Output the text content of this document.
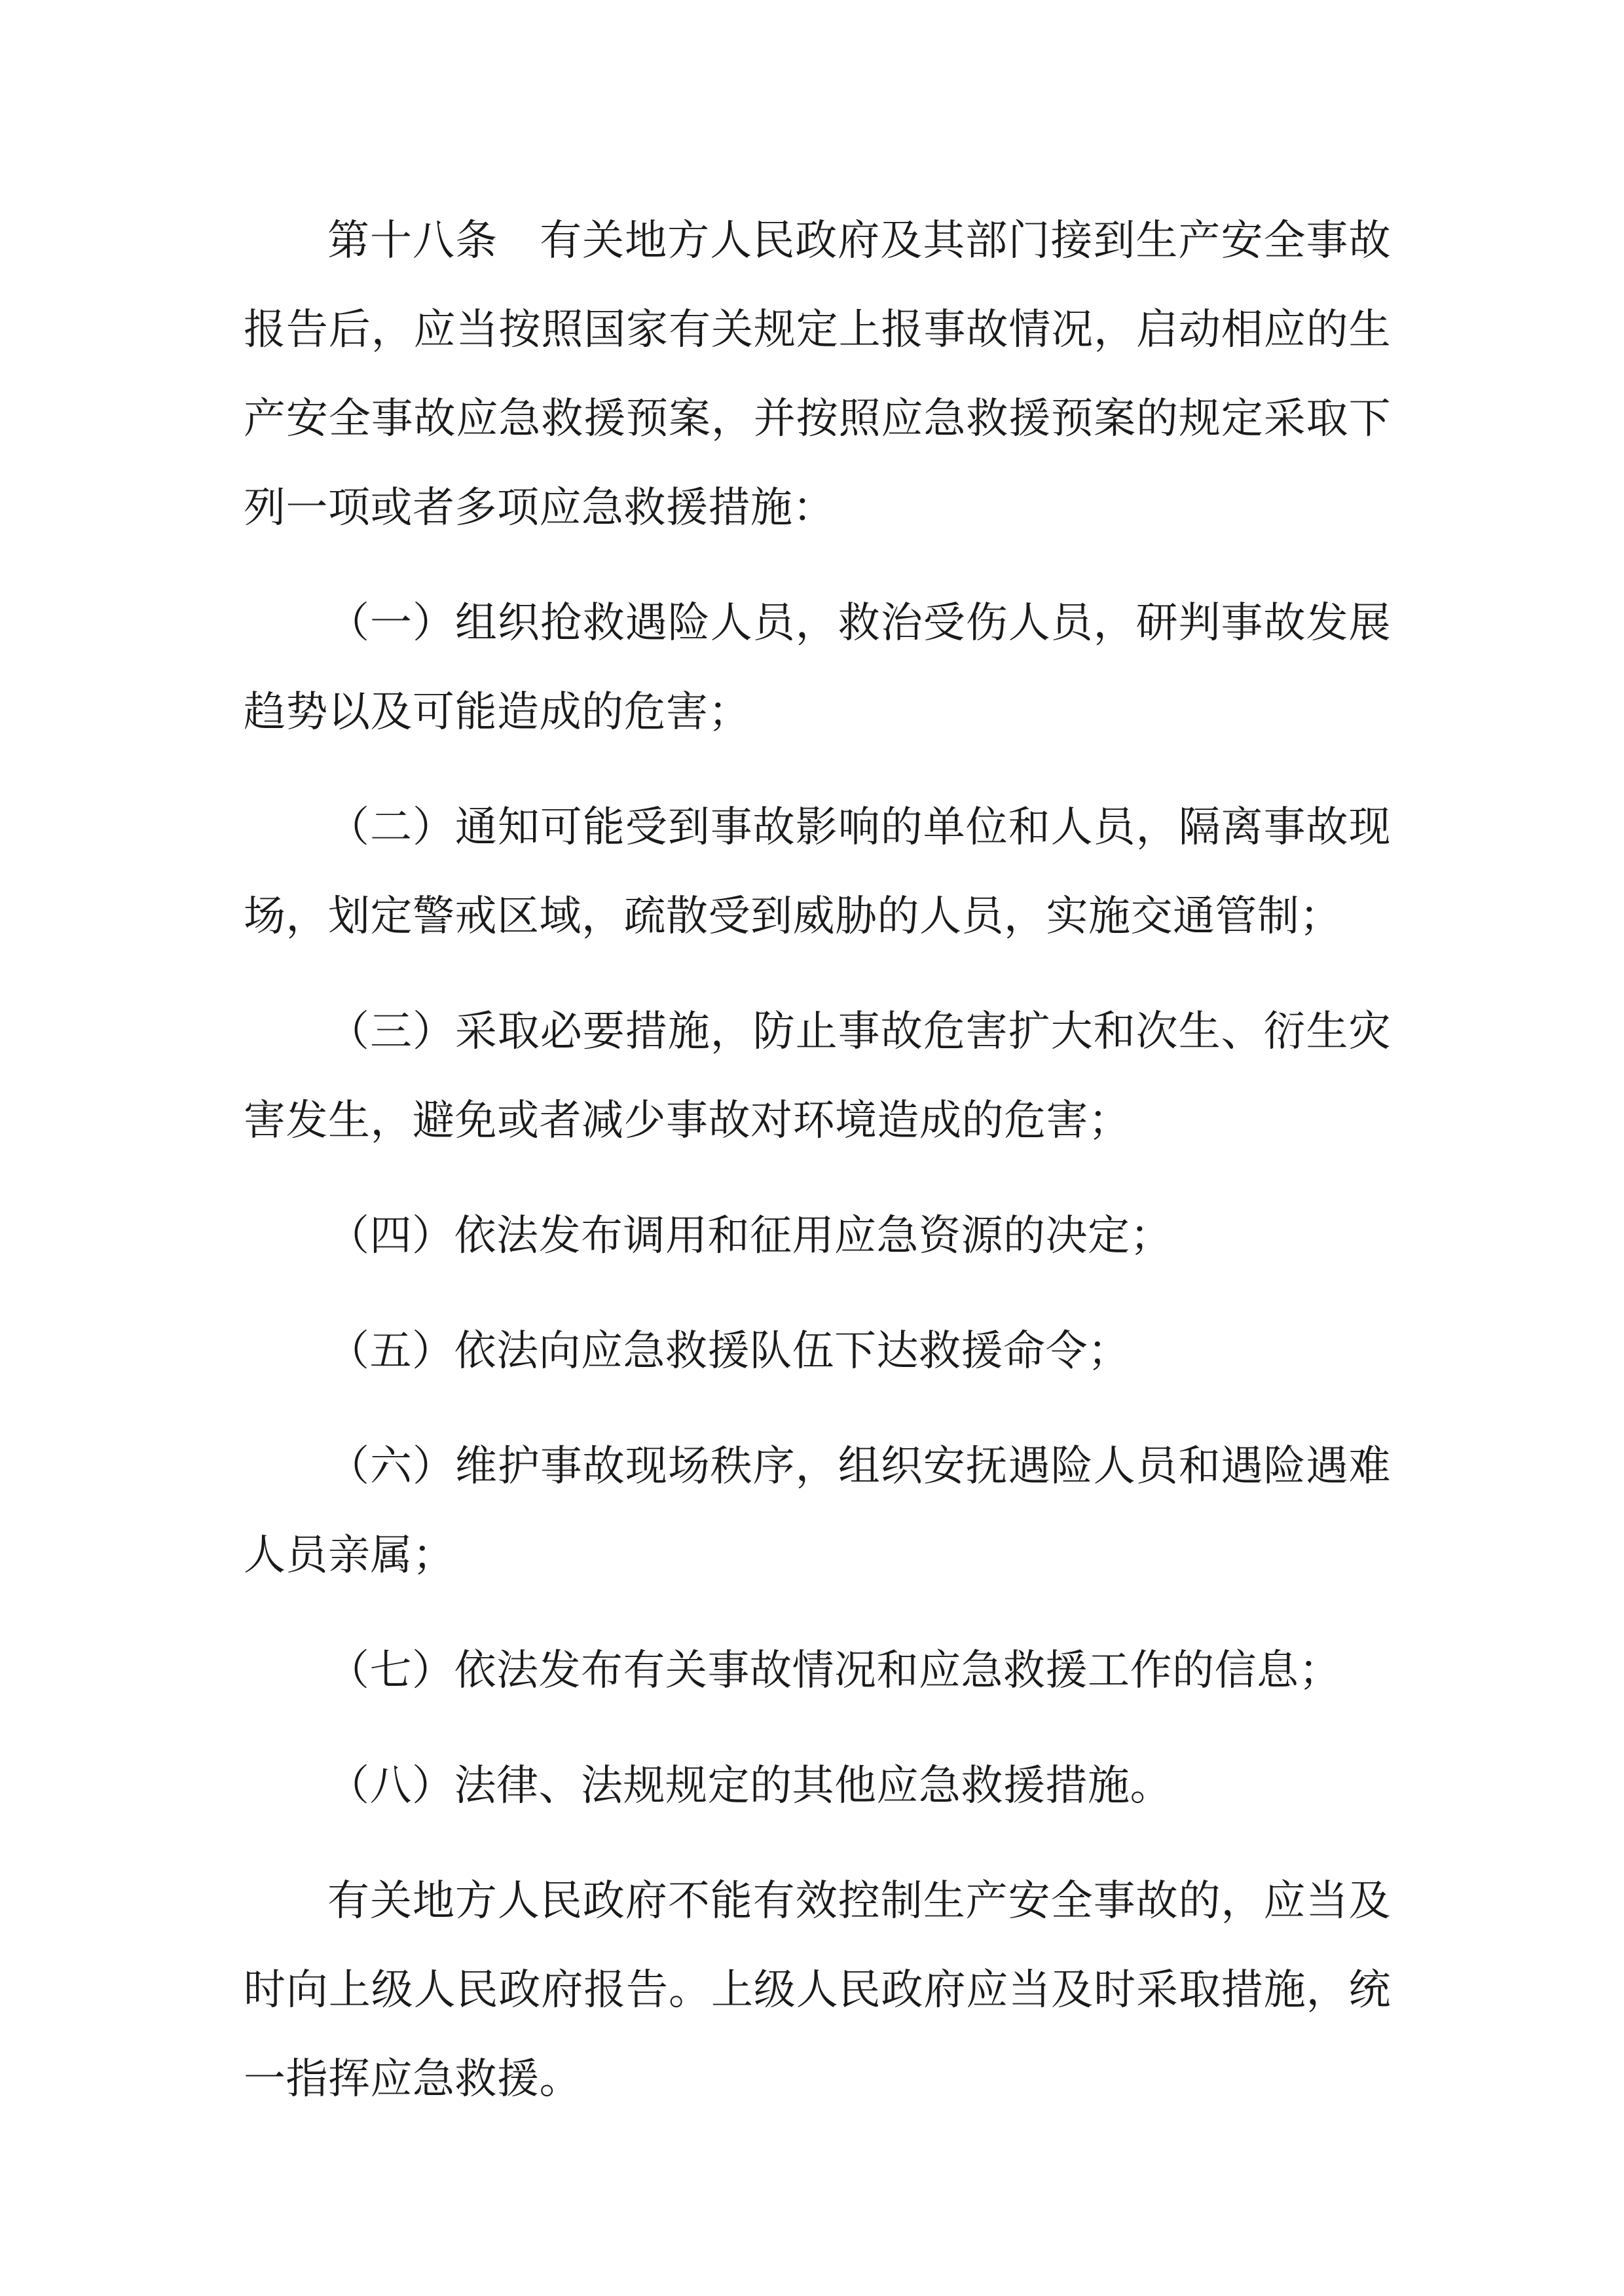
第十八条 有关地方人民政府及其部门接到生产安全事故报告后，应当按照国家有关规定上报事故情况，启动相应的生产安全事故应急救援预案，并按照应急救援预案的规定采取下列一项或者多项应急救援措施：

（一）组织抢救遇险人员，救治受伤人员，研判事故发展趋势以及可能造成的危害；

（二）通知可能受到事故影响的单位和人员，隔离事故现场，划定警戒区域，疏散受到威胁的人员，实施交通管制；

（三）采取必要措施，防止事故危害扩大和次生、衍生灾害发生，避免或者减少事故对环境造成的危害；

（四）依法发布调用和征用应急资源的决定；

（五）依法向应急救援队伍下达救援命令；

（六）维护事故现场秩序，组织安抚遇险人员和遇险遇难人员亲属；

（七）依法发布有关事故情况和应急救援工作的信息；

（八）法律、法规规定的其他应急救援措施。

有关地方人民政府不能有效控制生产安全事故的，应当及时向上级人民政府报告。上级人民政府应当及时采取措施，统一指挥应急救援。
